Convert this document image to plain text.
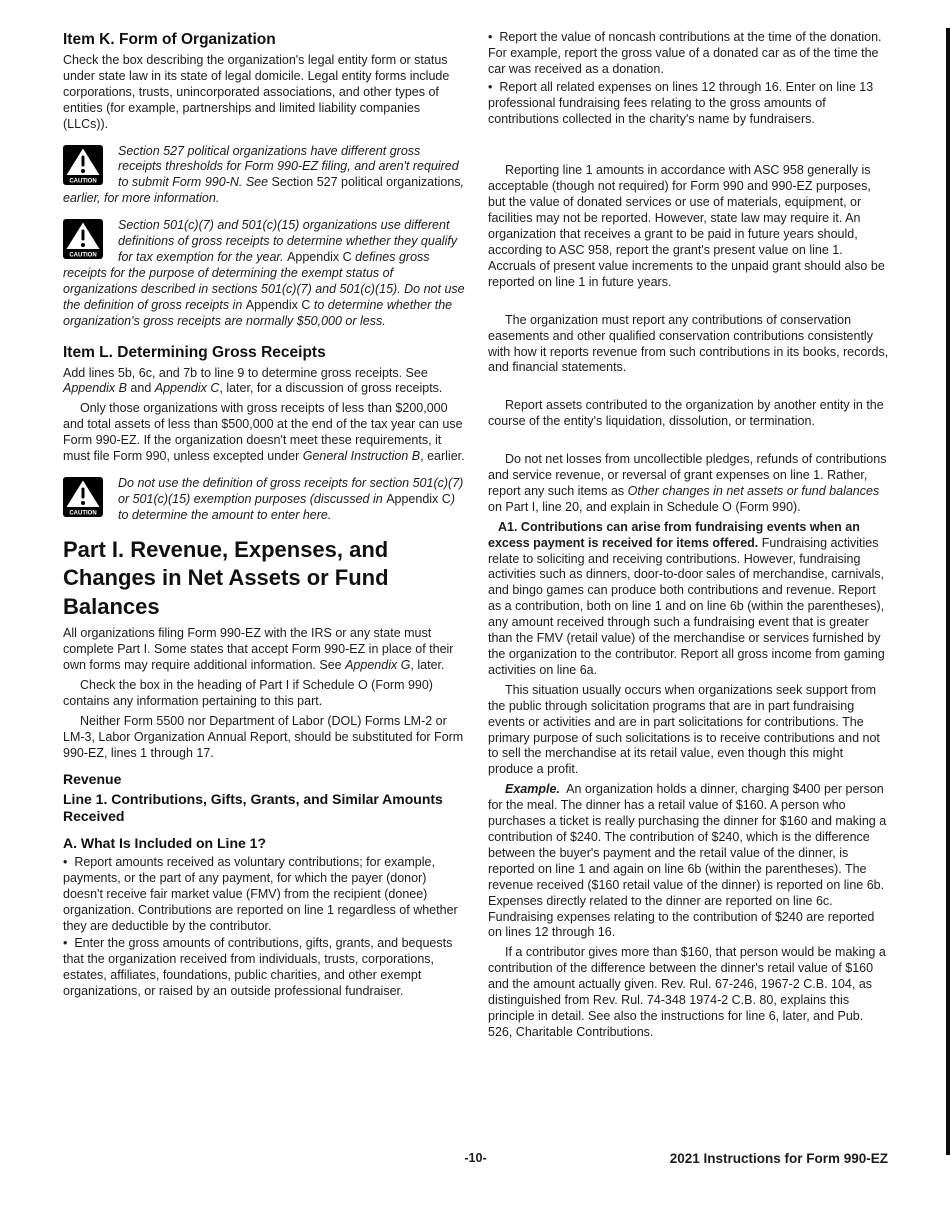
Item K. Form of Organization

Check the box describing the organization's legal entity form or status under state law in its state of legal domicile. Legal entity forms include corporations, trusts, unincorporated associations, and other types of entities (for example, partnerships and limited liability companies (LLCs)).

CAUTION
Section 527 political organizations have different gross receipts thresholds for Form 990-EZ filing, and aren't required to submit Form 990-N. See Section 527 political organizations, earlier, for more information.

CAUTION
Section 501(c)(7) and 501(c)(15) organizations use different definitions of gross receipts to determine whether they qualify for tax exemption for the year. Appendix C defines gross receipts for the purpose of determining the exempt status of organizations described in sections 501(c)(7) and 501(c)(15). Do not use the definition of gross receipts in Appendix C to determine whether the organization's gross receipts are normally $50,000 or less.

Item L. Determining Gross Receipts

Add lines 5b, 6c, and 7b to line 9 to determine gross receipts. See Appendix B and Appendix C, later, for a discussion of gross receipts.

Only those organizations with gross receipts of less than $200,000 and total assets of less than $500,000 at the end of the tax year can use Form 990-EZ. If the organization doesn't meet these requirements, it must file Form 990, unless excepted under General Instruction B, earlier.

CAUTION
Do not use the definition of gross receipts for section 501(c)(7) or 501(c)(15) exemption purposes (discussed in Appendix C) to determine the amount to enter here.

Part I. Revenue, Expenses, and Changes in Net Assets or Fund Balances

All organizations filing Form 990-EZ with the IRS or any state must complete Part I. Some states that accept Form 990-EZ in place of their own forms may require additional information. See Appendix G, later.

Check the box in the heading of Part I if Schedule O (Form 990) contains any information pertaining to this part.

Neither Form 5500 nor Department of Labor (DOL) Forms LM-2 or LM-3, Labor Organization Annual Report, should be substituted for Form 990-EZ, lines 1 through 17.

Revenue
Line 1. Contributions, Gifts, Grants, and Similar Amounts Received
A. What Is Included on Line 1?

•  Report amounts received as voluntary contributions; for example, payments, or the part of any payment, for which the payer (donor) doesn't receive fair market value (FMV) from the recipient (donee) organization. Contributions are reported on line 1 regardless of whether they are deductible by the contributor.

•  Enter the gross amounts of contributions, gifts, grants, and bequests that the organization received from individuals, trusts, corporations, estates, affiliates, foundations, public charities, and other exempt organizations, or raised by an outside professional fundraiser.

•  Report the value of noncash contributions at the time of the donation. For example, report the gross value of a donated car as of the time the car was received as a donation.

•  Report all related expenses on lines 12 through 16. Enter on line 13 professional fundraising fees relating to the gross amounts of contributions collected in the charity's name by fundraisers.

Reporting line 1 amounts in accordance with ASC 958 generally is acceptable (though not required) for Form 990 and 990-EZ purposes, but the value of donated services or use of materials, equipment, or facilities may not be reported. However, state law may require it. An organization that receives a grant to be paid in future years should, according to ASC 958, report the grant's present value on line 1. Accruals of present value increments to the unpaid grant should also be reported on line 1 in future years.

The organization must report any contributions of conservation easements and other qualified conservation contributions consistently with how it reports revenue from such contributions in its books, records, and financial statements.

Report assets contributed to the organization by another entity in the course of the entity's liquidation, dissolution, or termination.

Do not net losses from uncollectible pledges, refunds of contributions and service revenue, or reversal of grant expenses on line 1. Rather, report any such items as Other changes in net assets or fund balances on Part I, line 20, and explain in Schedule O (Form 990).

A1. Contributions can arise from fundraising events when an excess payment is received for items offered. Fundraising activities relate to soliciting and receiving contributions. However, fundraising activities such as dinners, door-to-door sales of merchandise, carnivals, and bingo games can produce both contributions and revenue. Report as a contribution, both on line 1 and on line 6b (within the parentheses), any amount received through such a fundraising event that is greater than the FMV (retail value) of the merchandise or services furnished by the organization to the contributor. Report all gross income from gaming activities on line 6a.

This situation usually occurs when organizations seek support from the public through solicitation programs that are in part fundraising events or activities and are in part solicitations for contributions. The primary purpose of such solicitations is to receive contributions and not to sell the merchandise at its retail value, even though this might produce a profit.

Example.  An organization holds a dinner, charging $400 per person for the meal. The dinner has a retail value of $160. A person who purchases a ticket is really purchasing the dinner for $160 and making a contribution of $240. The contribution of $240, which is the difference between the buyer's payment and the retail value of the dinner, is reported on line 1 and again on line 6b (within the parentheses). The revenue received ($160 retail value of the dinner) is reported on line 6b. Expenses directly related to the dinner are reported on line 6c. Fundraising expenses relating to the contribution of $240 are reported on lines 12 through 16.

If a contributor gives more than $160, that person would be making a contribution of the difference between the dinner's retail value of $160 and the amount actually given. Rev. Rul. 67-246, 1967-2 C.B. 104, as distinguished from Rev. Rul. 74-348 1974-2 C.B. 80, explains this principle in detail. See also the instructions for line 6, later, and Pub. 526, Charitable Contributions.

-10-	2021 Instructions for Form 990-EZ
